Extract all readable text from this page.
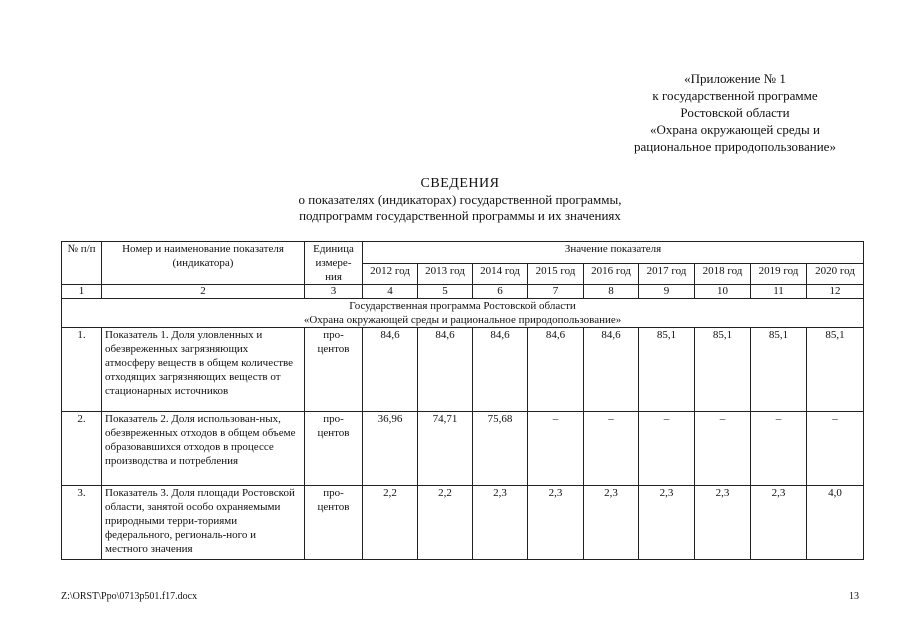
«Приложение № 1
к государственной программе
Ростовской области
«Охрана окружающей среды и
рациональное природопользование»
СВЕДЕНИЯ
о показателях (индикаторах) государственной программы,
подпрограмм государственной программы и их значениях
№ п/п	Номер и наименование показателя (индикатора)	Единица измере-ния	Значение показателя								
			2012 год	2013 год	2014 год	2015 год	2016 год	2017 год	2018 год	2019 год	2020 год
1	2	3	4	5	6	7	8	9	10	11	12

Государственная программа Ростовской области
«Охрана окружающей среды и рациональное природопользование»											

1.	Показатель 1. Доля уловленных и обезвреженных загрязняющих атмосферу веществ в общем количестве отходящих загрязняющих веществ от стационарных источников	про-центов	84,6	84,6	84,6	84,6	84,6	85,1	85,1	85,1	85,1
2.	Показатель 2. Доля использован-ных, обезвреженных отходов в общем объеме образовавшихся отходов в процессе производства и потребления	про-центов	36,96	74,71	75,68	–	–	–	–	–	–
3.	Показатель 3. Доля площади Ростовской области, занятой особо охраняемыми природными терри-ториями федерального, региональ-ного и местного значения	про-центов	2,2	2,2	2,3	2,3	2,3	2,3	2,3	2,3	4,0
Z:\ORST\Ppo\0713p501.f17.docx	13
